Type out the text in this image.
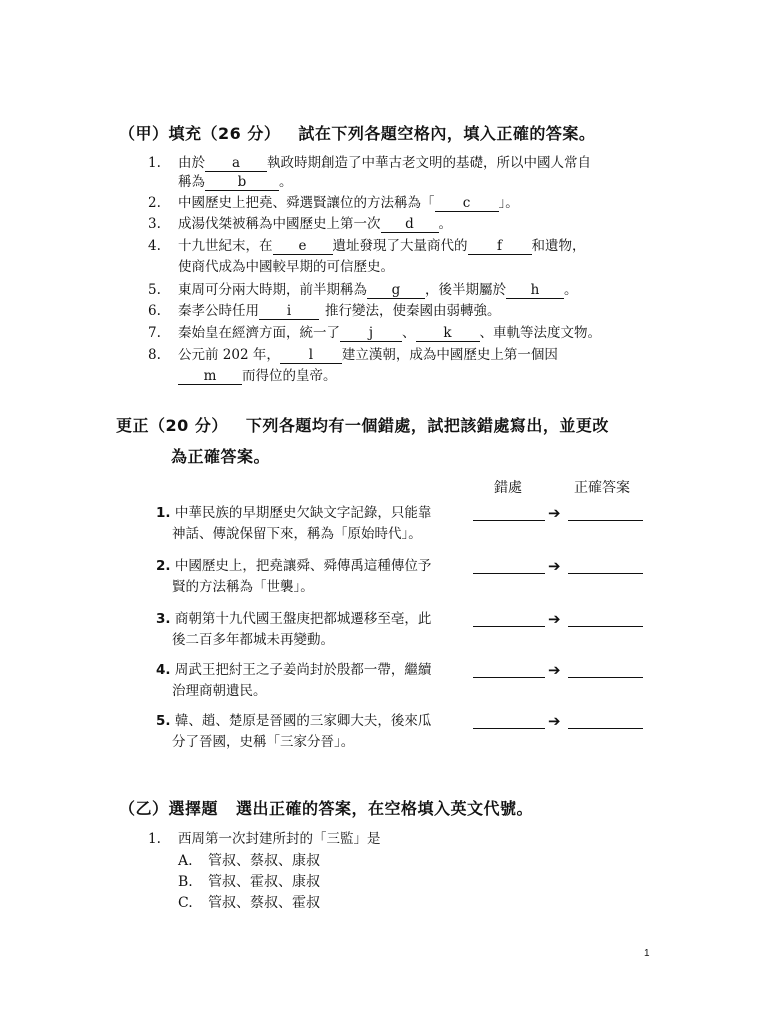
（甲）填充（26 分） 試在下列各題空格內，填入正確的答案。
1. 由於 a 執政時期創造了中華古老文明的基礎，所以中國人常自
稱為 b 。
2. 中國歷史上把堯、舜選賢讓位的方法稱為「 c 」。
3. 成湯伐桀被稱為中國歷史上第一次 d 。
4. 十九世紀末，在 e 遺址發現了大量商代的 f 和遺物，
使商代成為中國較早期的可信歷史。
5. 東周可分兩大時期，前半期稱為 g ，後半期屬於 h 。
6. 秦孝公時任用 i	推行變法，使秦國由弱轉強。
7. 秦始皇在經濟方面，統一了 j 、 k 、車軌等法度文物。
8. 公元前 202 年， l 建立漢朝，成為中國歷史上第一個因
m 而得位的皇帝。
更正（20 分） 下列各題均有一個錯處，試把該錯處寫出，並更改
為正確答案。
錯處	正確答案
1. 中華民族的早期歷史欠缺文字記錄，只能靠
神話、傳說保留下來，稱為「原始時代」。
➔
2. 中國歷史上，把堯讓舜、舜傳禹這種傳位予
賢的方法稱為「世襲」。
➔
3. 商朝第十九代國王盤庚把都城遷移至亳，此
後二百多年都城未再變動。
➔
4. 周武王把紂王之子姜尚封於殷都一帶，繼續
治理商朝遺民。
➔
5. 韓、趙、楚原是晉國的三家卿大夫，後來瓜
分了晉國，史稱「三家分晉」。
➔
（乙）選擇題 選出正確的答案，在空格填入英文代號。
1. 西周第一次封建所封的「三監」是
A. 管叔、蔡叔、康叔
B. 管叔、霍叔、康叔
C. 管叔、蔡叔、霍叔
1
